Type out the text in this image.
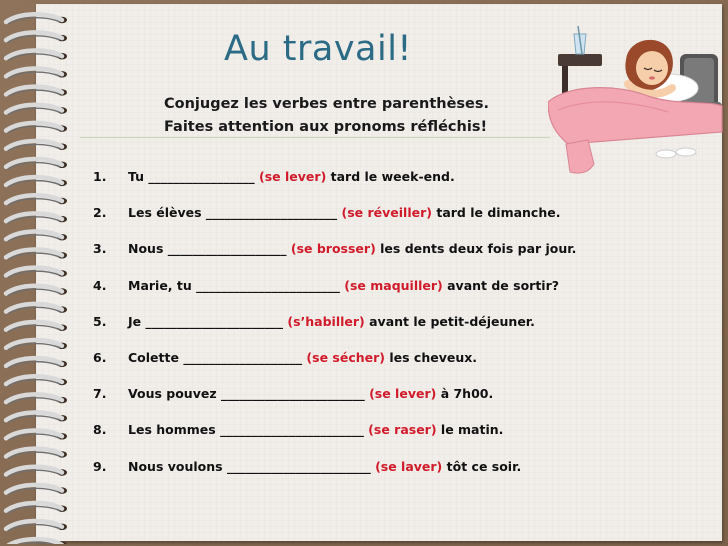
Au travail!
Conjugez les verbes entre parenthèses.
Faites attention aux pronoms réfléchis!
1. Tu _________________ (se lever) tard le week-end.
2. Les élèves _____________________ (se réveiller) tard le dimanche.
3. Nous ___________________ (se brosser) les dents deux fois par jour.
4. Marie, tu _______________________ (se maquiller) avant de sortir?
5. Je ______________________ (s’habiller) avant le petit-déjeuner.
6. Colette ___________________ (se sécher) les cheveux.
7. Vous pouvez _______________________ (se lever) à 7h00.
8. Les hommes _______________________ (se raser) le matin.
9. Nous voulons _______________________ (se laver) tôt ce soir.
